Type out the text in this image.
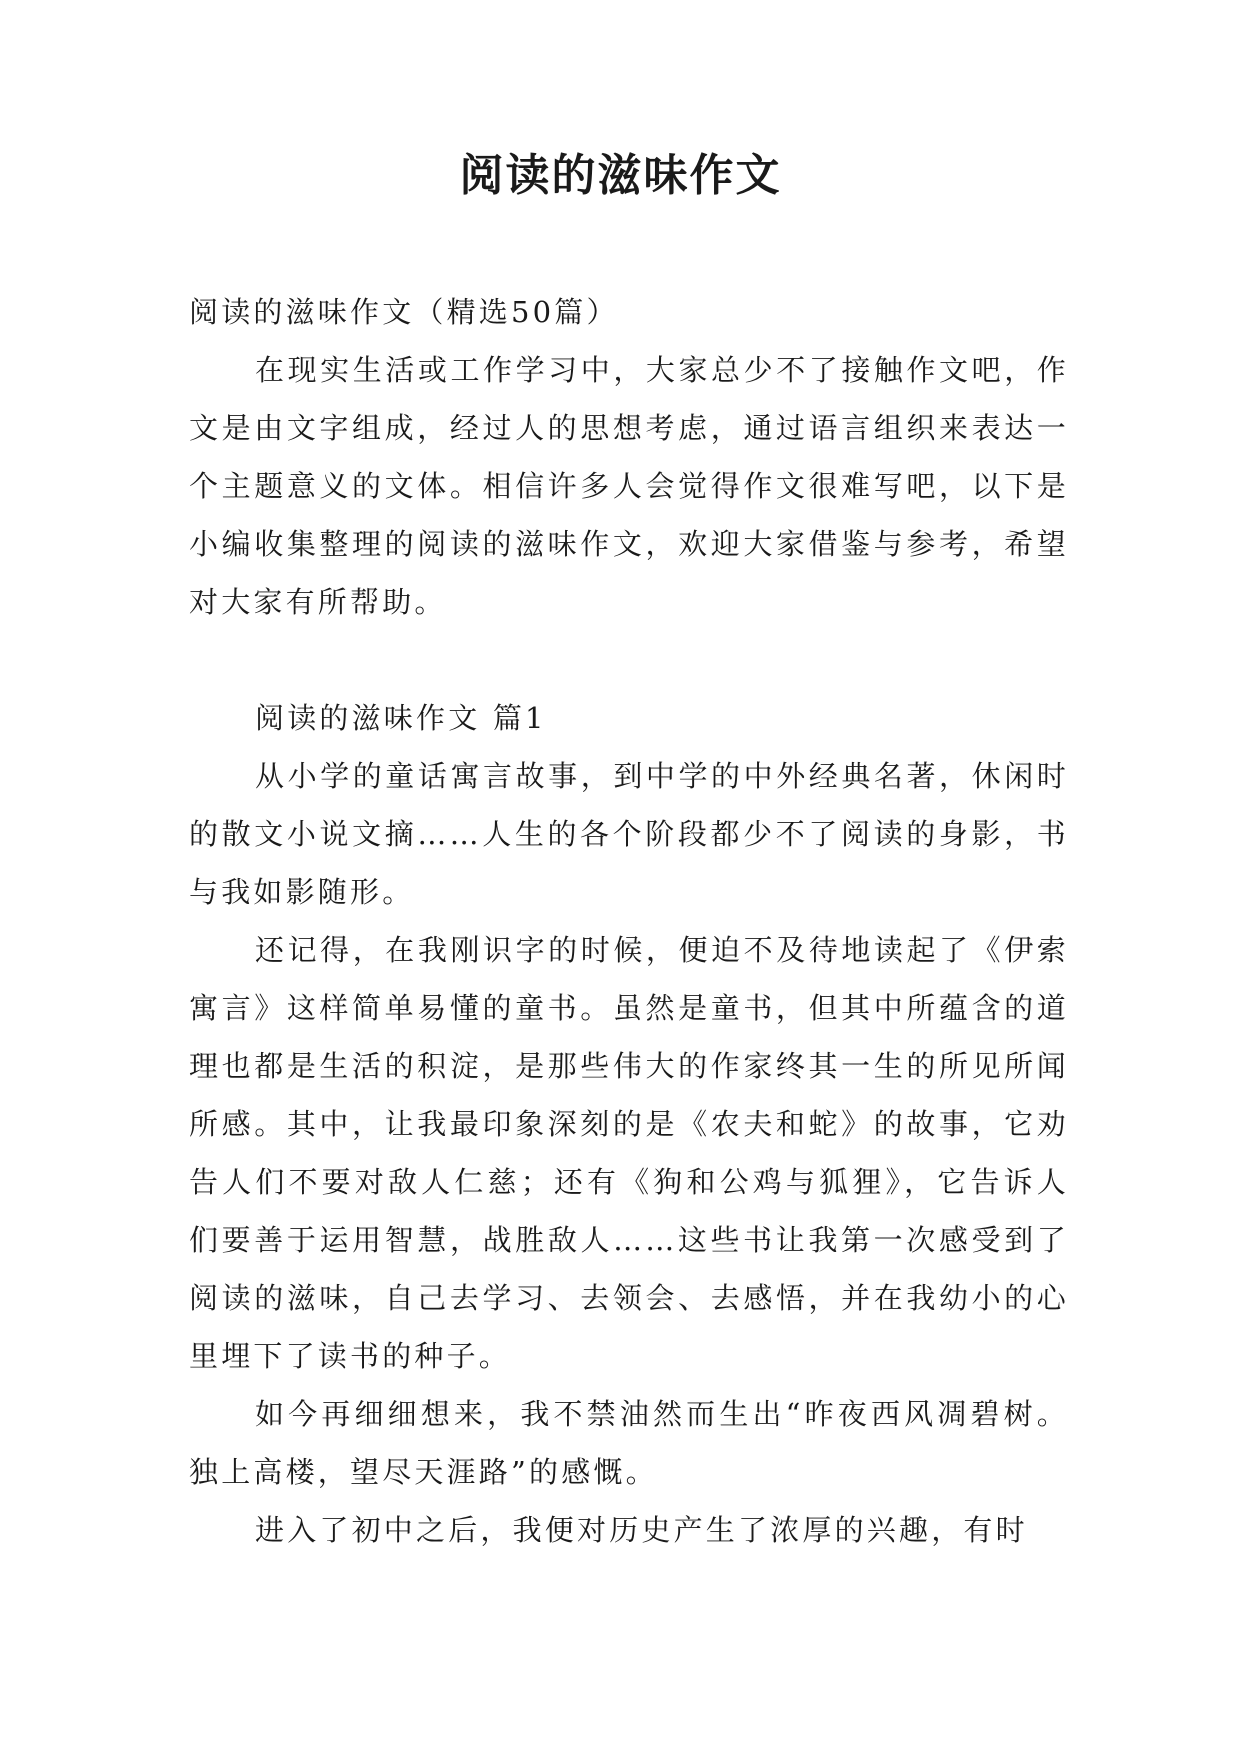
阅读的滋味作文

阅读的滋味作文（精选50篇）

在现实生活或工作学习中，大家总少不了接触作文吧，作文是由文字组成，经过人的思想考虑，通过语言组织来表达一个主题意义的文体。相信许多人会觉得作文很难写吧，以下是小编收集整理的阅读的滋味作文，欢迎大家借鉴与参考，希望对大家有所帮助。

阅读的滋味作文 篇1

从小学的童话寓言故事，到中学的中外经典名著，休闲时的散文小说文摘……人生的各个阶段都少不了阅读的身影，书与我如影随形。

还记得，在我刚识字的时候，便迫不及待地读起了《伊索寓言》这样简单易懂的童书。虽然是童书，但其中所蕴含的道理也都是生活的积淀，是那些伟大的作家终其一生的所见所闻所感。其中，让我最印象深刻的是《农夫和蛇》的故事，它劝告人们不要对敌人仁慈；还有《狗和公鸡与狐狸》，它告诉人们要善于运用智慧，战胜敌人……这些书让我第一次感受到了阅读的滋味，自己去学习、去领会、去感悟，并在我幼小的心里埋下了读书的种子。

如今再细细想来，我不禁油然而生出“昨夜西风凋碧树。独上高楼，望尽天涯路”的感慨。

进入了初中之后，我便对历史产生了浓厚的兴趣，有时
